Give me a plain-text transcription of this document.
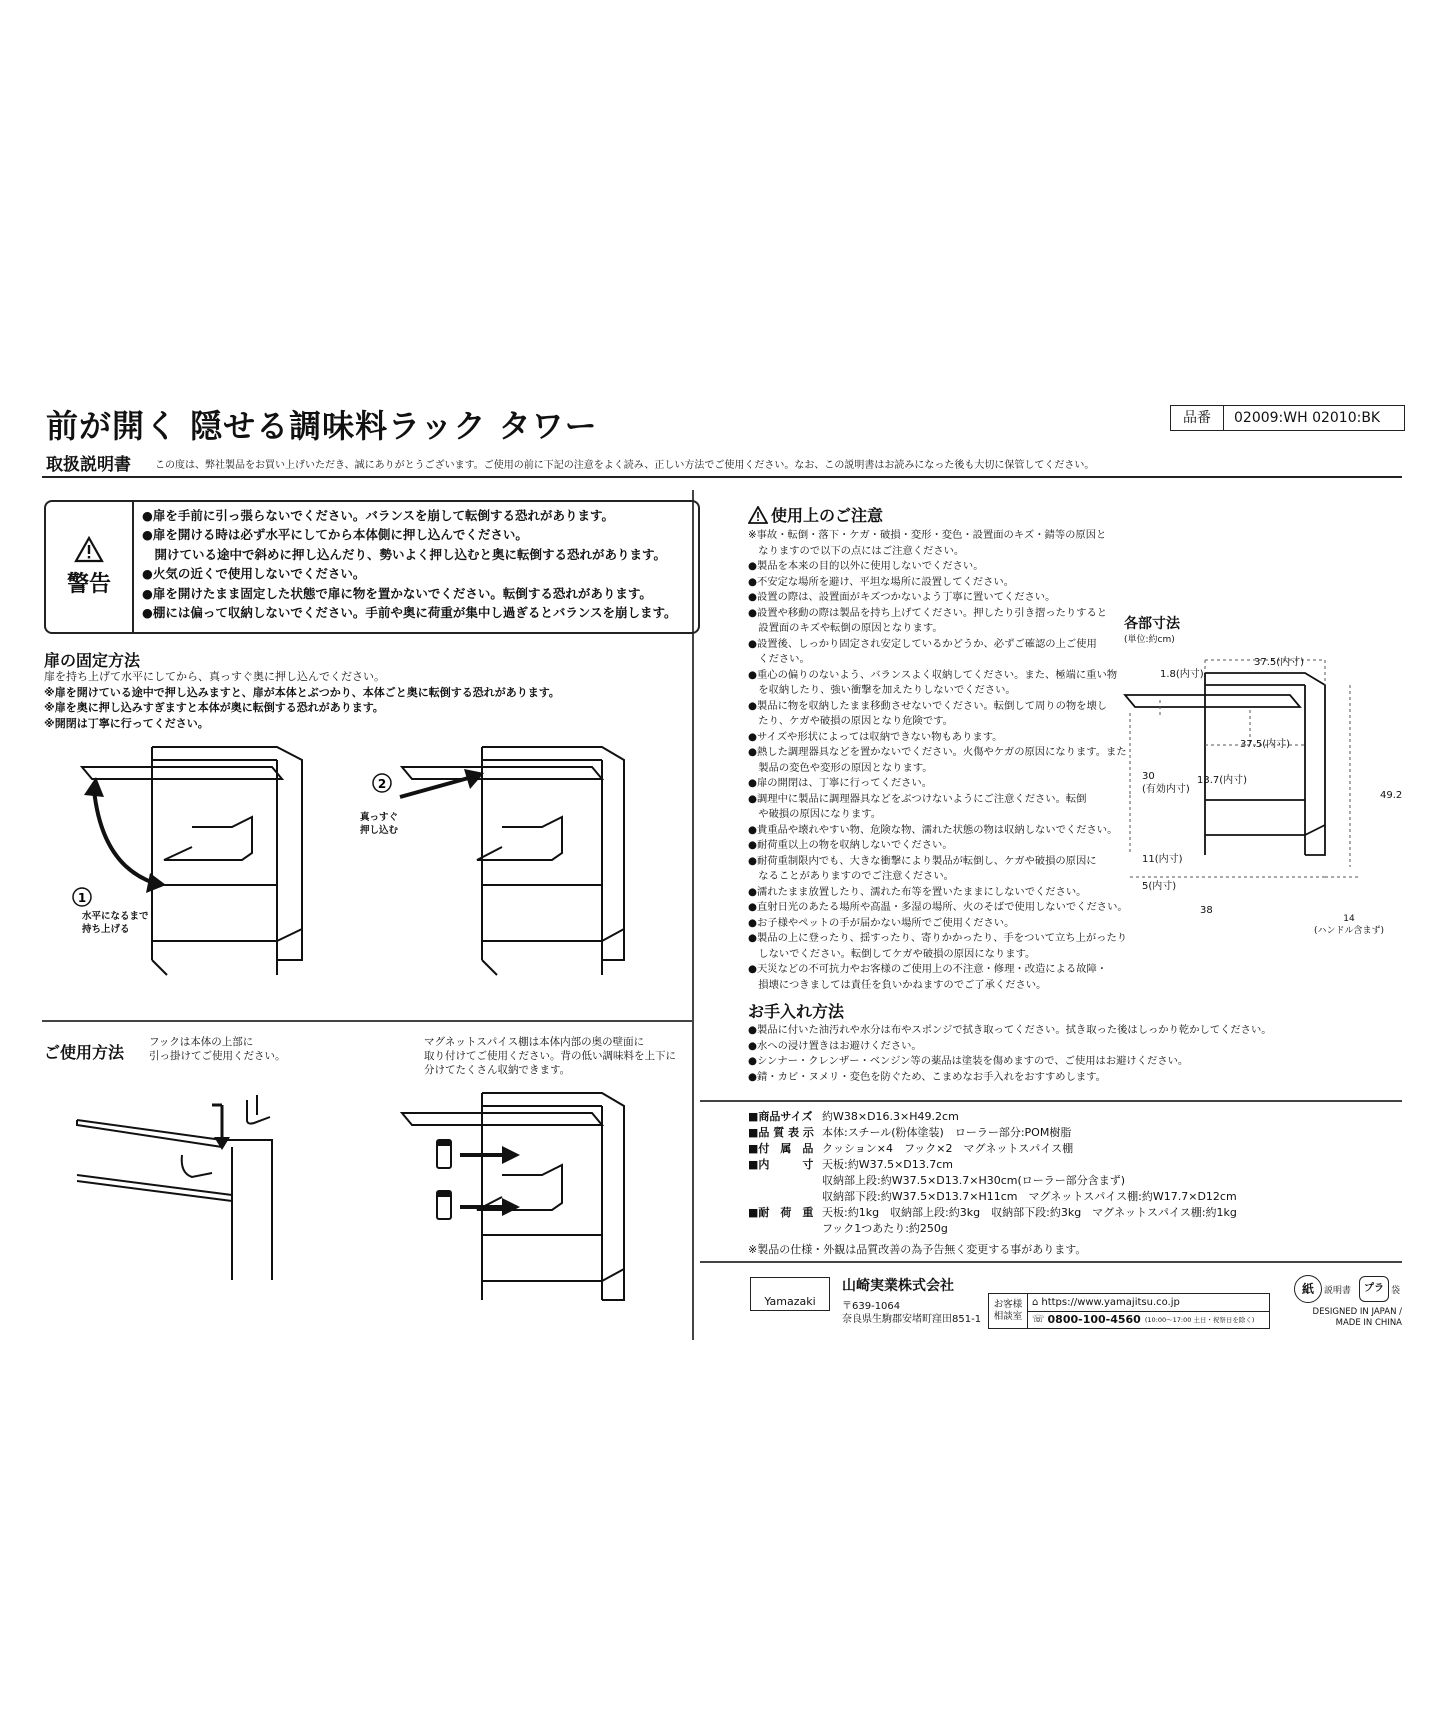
前が開く 隠せる調味料ラック タワー	品番	02009:WH 02010:BK
取扱説明書 この度は、弊社製品をお買い上げいただき、誠にありがとうございます。ご使用の前に下記の注意をよく読み、正しい方法でご使用ください。なお、この説明書はお読みになった後も大切に保管してください。
警告
●扉を手前に引っ張らないでください。バランスを崩して転倒する恐れがあります。
●扉を開ける時は必ず水平にしてから本体側に押し込んでください。
　開けている途中で斜めに押し込んだり、勢いよく押し込むと奥に転倒する恐れがあります。
●火気の近くで使用しないでください。
●扉を開けたまま固定した状態で扉に物を置かないでください。転倒する恐れがあります。
●棚には偏って収納しないでください。手前や奥に荷重が集中し過ぎるとバランスを崩します。
扉の固定方法
扉を持ち上げて水平にしてから、真っすぐ奥に押し込んでください。
※扉を開けている途中で押し込みますと、扉が本体とぶつかり、本体ごと奥に転倒する恐れがあります。
※扉を奥に押し込みすぎますと本体が奥に転倒する恐れがあります。
※開閉は丁寧に行ってください。
1
水平になるまで
持ち上げる
2
真っすぐ
押し込む
ご使用方法
フックは本体の上部に
引っ掛けてご使用ください。
マグネットスパイス棚は本体内部の奥の壁面に
取り付けてご使用ください。背の低い調味料を上下に
分けてたくさん収納できます。
使用上のご注意
※事故・転倒・落下・ケガ・破損・変形・変色・設置面のキズ・錆等の原因と
　なりますので以下の点にはご注意ください。
●製品を本来の目的以外に使用しないでください。
●不安定な場所を避け、平坦な場所に設置してください。
●設置の際は、設置面がキズつかないよう丁寧に置いてください。
●設置や移動の際は製品を持ち上げてください。押したり引き摺ったりすると
　設置面のキズや転倒の原因となります。
●設置後、しっかり固定され安定しているかどうか、必ずご確認の上ご使用
　ください。
●重心の偏りのないよう、バランスよく収納してください。また、極端に重い物
　を収納したり、強い衝撃を加えたりしないでください。
●製品に物を収納したまま移動させないでください。転倒して周りの物を壊し
　たり、ケガや破損の原因となり危険です。
●サイズや形状によっては収納できない物もあります。
●熱した調理器具などを置かないでください。火傷やケガの原因になります。また
　製品の変色や変形の原因となります。
●扉の開閉は、丁寧に行ってください。
●調理中に製品に調理器具などをぶつけないようにご注意ください。転倒
　や破損の原因になります。
●貴重品や壊れやすい物、危険な物、濡れた状態の物は収納しないでください。
●耐荷重以上の物を収納しないでください。
●耐荷重制限内でも、大きな衝撃により製品が転倒し、ケガや破損の原因に
　なることがありますのでご注意ください。
●濡れたまま放置したり、濡れた布等を置いたままにしないでください。
●直射日光のあたる場所や高温・多湿の場所、火のそばで使用しないでください。
●お子様やペットの手が届かない場所でご使用ください。
●製品の上に登ったり、揺すったり、寄りかかったり、手をついて立ち上がったり
　しないでください。転倒してケガや破損の原因になります。
●天災などの不可抗力やお客様のご使用上の不注意・修理・改造による故障・
　損壊につきましては責任を負いかねますのでご了承ください。
各部寸法
(単位:約cm)
37.5(内寸)
1.8(内寸)
37.5(内寸)
30
(有効内寸)
13.7(内寸)
49.2
11(内寸)
5(内寸)
38
14
(ハンドル含まず)
お手入れ方法
●製品に付いた油汚れや水分は布やスポンジで拭き取ってください。拭き取った後はしっかり乾かしてください。
●水への浸け置きはお避けください。
●シンナー・クレンザー・ベンジン等の薬品は塗装を傷めますので、ご使用はお避けください。
●錆・カビ・ヌメリ・変色を防ぐため、こまめなお手入れをおすすめします。
■商品サイズ	約W38×D16.3×H49.2cm
■品 質 表 示	本体:スチール(粉体塗装)　ローラー部分:POM樹脂
■付　属　品	クッション×4　フック×2　マグネットスパイス棚
■内　　　寸	天板:約W37.5×D13.7cm
	収納部上段:約W37.5×D13.7×H30cm(ローラー部分含まず)
	収納部下段:約W37.5×D13.7×H11cm　マグネットスパイス棚:約W17.7×D12cm
■耐　荷　重	天板:約1kg　収納部上段:約3kg　収納部下段:約3kg　マグネットスパイス棚:約1kg
	フック1つあたり:約250g
※製品の仕様・外観は品質改善の為予告無く変更する事があります。
Yamazaki
山崎実業株式会社
〒639-1064
奈良県生駒郡安堵町窪田851-1
お客様
相談室
⌂ https://www.yamajitsu.co.jp
☏ 0800-100-4560 (10:00〜17:00 土日・祝祭日を除く)
紙	説明書	プラ 袋
DESIGNED IN JAPAN /
MADE IN CHINA
